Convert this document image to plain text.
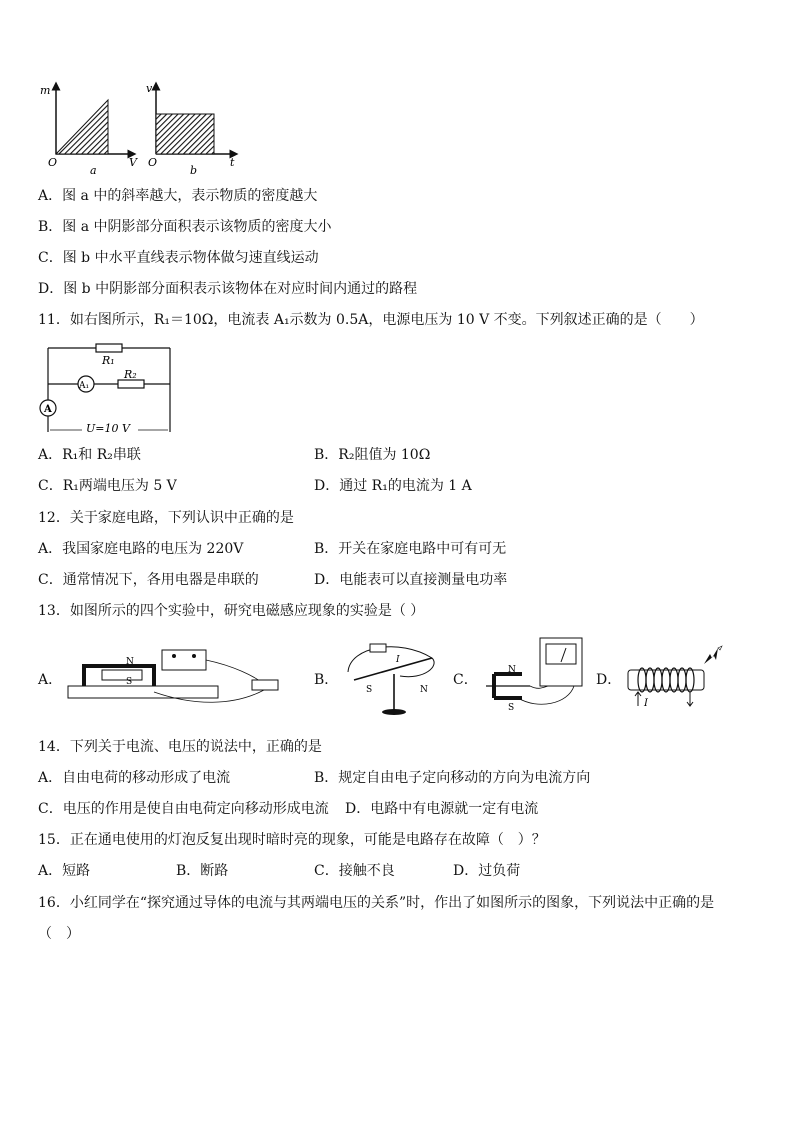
m
O	V
a
v
O	t
b
A．图 a 中的斜率越大，表示物质的密度越大
B．图 a 中阴影部分面积表示该物质的密度大小
C．图 b 中水平直线表示物体做匀速直线运动
D．图 b 中阴影部分面积表示该物体在对应时间内通过的路程
11．如右图所示，R₁＝10Ω，电流表 A₁示数为 0.5A，电源电压为 10 V 不变。下列叙述正确的是（　　）
R₁
A₁
R₂
A
U=10 V
A．R₁和 R₂串联	B．R₂阻值为 10Ω
C．R₁两端电压为 5 V	D．通过 R₁的电流为 1 A
12．关于家庭电路，下列认识中正确的是
A．我国家庭电路的电压为 220V	B．开关在家庭电路中可有可无
C．通常情况下，各用电器是串联的	D．电能表可以直接测量电功率
13．如图所示的四个实验中，研究电磁感应现象的实验是（ ）
A．
N
S	B．
I
S	N
C．
N
S
D．
I
14．下列关于电流、电压的说法中，正确的是
A．自由电荷的移动形成了电流	B．规定自由电子定向移动的方向为电流方向
C．电压的作用是使自由电荷定向移动形成电流 D．电路中有电源就一定有电流
15．正在通电使用的灯泡反复出现时暗时亮的现象，可能是电路存在故障（　）？
A．短路	B．断路	C．接触不良	D．过负荷
16．小红同学在“探究通过导体的电流与其两端电压的关系”时，作出了如图所示的图象，下列说法中正确的是
（　）
